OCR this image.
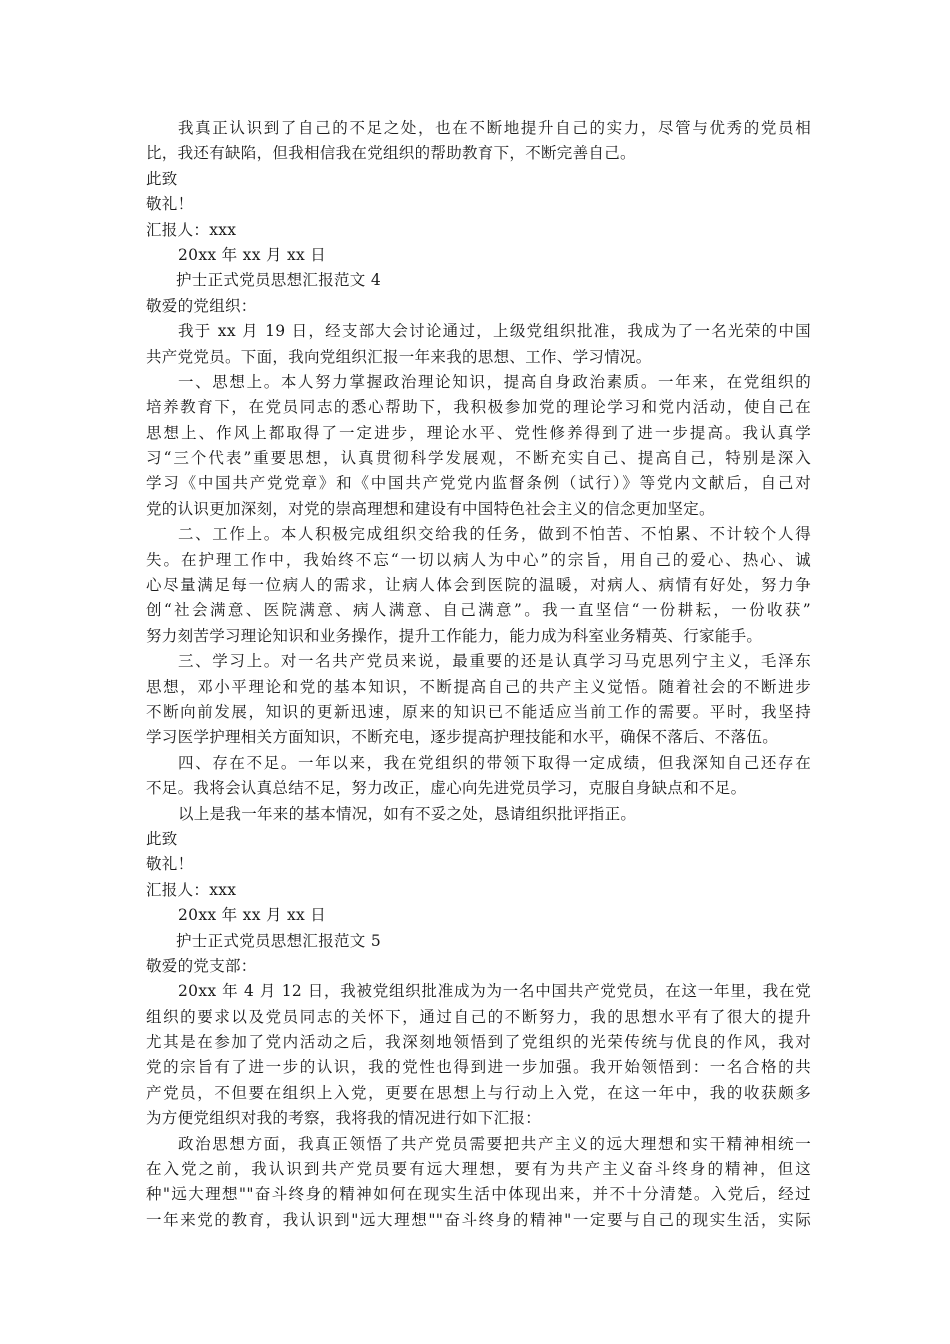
我真正认识到了自己的不足之处，也在不断地提升自己的实力，尽管与优秀的党员相
比，我还有缺陷，但我相信我在党组织的帮助教育下，不断完善自己。
此致
敬礼！
汇报人：xxx
20xx 年 xx 月 xx 日
护士正式党员思想汇报范文 4
敬爱的党组织：
我于 xx 月 19 日，经支部大会讨论通过，上级党组织批准，我成为了一名光荣的中国
共产党党员。下面，我向党组织汇报一年来我的思想、工作、学习情况。
一、思想上。本人努力掌握政治理论知识，提高自身政治素质。一年来，在党组织的
培养教育下，在党员同志的悉心帮助下，我积极参加党的理论学习和党内活动，使自己在
思想上、作风上都取得了一定进步，理论水平、党性修养得到了进一步提高。我认真学
习“三个代表”重要思想，认真贯彻科学发展观，不断充实自己、提高自己，特别是深入
学习《中国共产党党章》和《中国共产党党内监督条例（试行）》等党内文献后，自己对
党的认识更加深刻，对党的崇高理想和建设有中国特色社会主义的信念更加坚定。
二、工作上。本人积极完成组织交给我的任务，做到不怕苦、不怕累、不计较个人得
失。在护理工作中，我始终不忘“一切以病人为中心”的宗旨，用自己的爱心、热心、诚
心尽量满足每一位病人的需求，让病人体会到医院的温暖，对病人、病情有好处，努力争
创“社会满意、医院满意、病人满意、自己满意”。我一直坚信“一份耕耘，一份收获”
努力刻苦学习理论知识和业务操作，提升工作能力，能力成为科室业务精英、行家能手。
三、学习上。对一名共产党员来说，最重要的还是认真学习马克思列宁主义，毛泽东
思想，邓小平理论和党的基本知识，不断提高自己的共产主义觉悟。随着社会的不断进步
不断向前发展，知识的更新迅速，原来的知识已不能适应当前工作的需要。平时，我坚持
学习医学护理相关方面知识，不断充电，逐步提高护理技能和水平，确保不落后、不落伍。
四、存在不足。一年以来，我在党组织的带领下取得一定成绩，但我深知自己还存在
不足。我将会认真总结不足，努力改正，虚心向先进党员学习，克服自身缺点和不足。
以上是我一年来的基本情况，如有不妥之处，恳请组织批评指正。
此致
敬礼！
汇报人：xxx
20xx 年 xx 月 xx 日
护士正式党员思想汇报范文 5
敬爱的党支部：
20xx 年 4 月 12 日，我被党组织批准成为为一名中国共产党党员，在这一年里，我在党
组织的要求以及党员同志的关怀下，通过自己的不断努力，我的思想水平有了很大的提升
尤其是在参加了党内活动之后，我深刻地领悟到了党组织的光荣传统与优良的作风，我对
党的宗旨有了进一步的认识，我的党性也得到进一步加强。我开始领悟到：一名合格的共
产党员，不但要在组织上入党，更要在思想上与行动上入党，在这一年中，我的收获颇多
为方便党组织对我的考察，我将我的情况进行如下汇报：
政治思想方面，我真正领悟了共产党员需要把共产主义的远大理想和实干精神相统一
在入党之前，我认识到共产党员要有远大理想，要有为共产主义奋斗终身的精神，但这
种"远大理想""奋斗终身的精神如何在现实生活中体现出来，并不十分清楚。入党后，经过
一年来党的教育，我认识到"远大理想""奋斗终身的精神"一定要与自己的现实生活，实际
